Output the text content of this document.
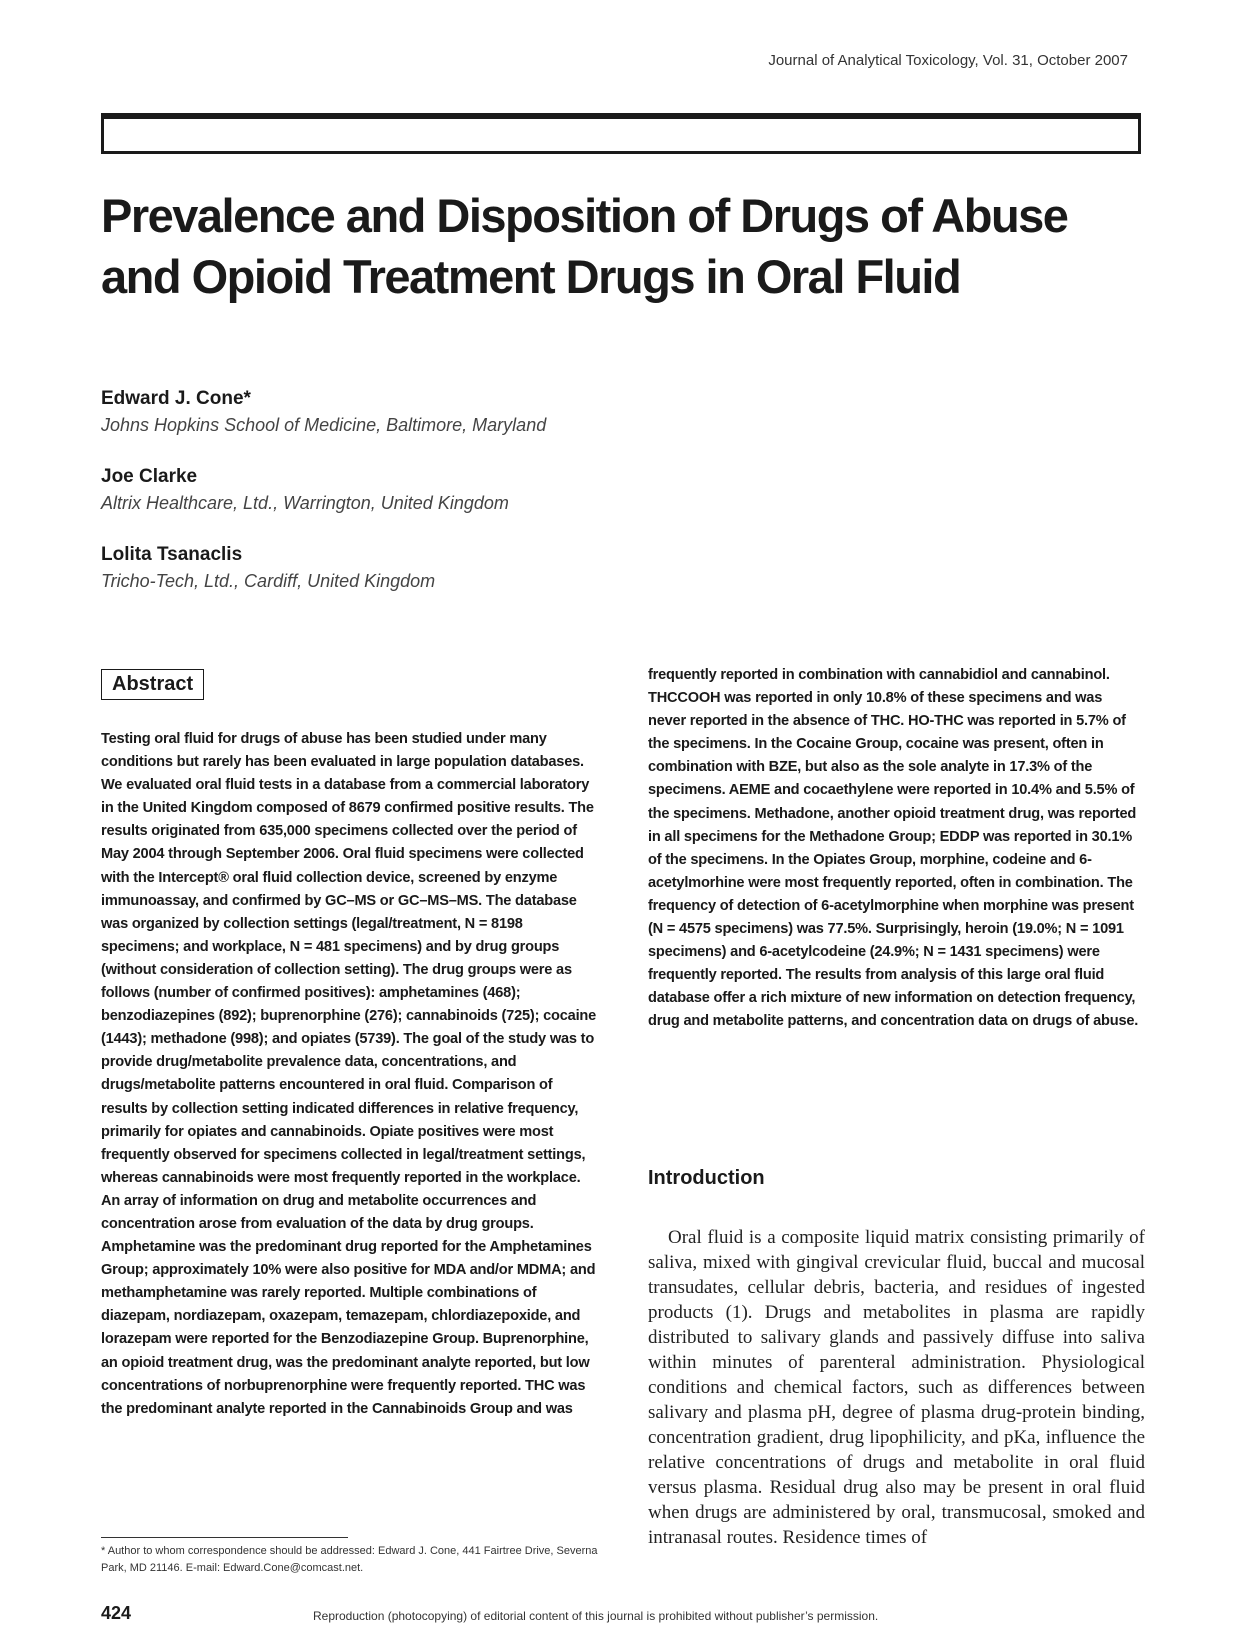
Journal of Analytical Toxicology, Vol. 31, October 2007
Prevalence and Disposition of Drugs of Abuse and Opioid Treatment Drugs in Oral Fluid
Edward J. Cone*
Johns Hopkins School of Medicine, Baltimore, Maryland
Joe Clarke
Altrix Healthcare, Ltd., Warrington, United Kingdom
Lolita Tsanaclis
Tricho-Tech, Ltd., Cardiff, United Kingdom
Abstract

Testing oral fluid for drugs of abuse has been studied under many conditions but rarely has been evaluated in large population databases. We evaluated oral fluid tests in a database from a commercial laboratory in the United Kingdom composed of 8679 confirmed positive results. The results originated from 635,000 specimens collected over the period of May 2004 through September 2006. Oral fluid specimens were collected with the Intercept® oral fluid collection device, screened by enzyme immunoassay, and confirmed by GC–MS or GC–MS–MS. The database was organized by collection settings (legal/treatment, N = 8198 specimens; and workplace, N = 481 specimens) and by drug groups (without consideration of collection setting). The drug groups were as follows (number of confirmed positives): amphetamines (468); benzodiazepines (892); buprenorphine (276); cannabinoids (725); cocaine (1443); methadone (998); and opiates (5739). The goal of the study was to provide drug/metabolite prevalence data, concentrations, and drugs/metabolite patterns encountered in oral fluid. Comparison of results by collection setting indicated differences in relative frequency, primarily for opiates and cannabinoids. Opiate positives were most frequently observed for specimens collected in legal/treatment settings, whereas cannabinoids were most frequently reported in the workplace. An array of information on drug and metabolite occurrences and concentration arose from evaluation of the data by drug groups. Amphetamine was the predominant drug reported for the Amphetamines Group; approximately 10% were also positive for MDA and/or MDMA; and methamphetamine was rarely reported. Multiple combinations of diazepam, nordiazepam, oxazepam, temazepam, chlordiazepoxide, and lorazepam were reported for the Benzodiazepine Group. Buprenorphine, an opioid treatment drug, was the predominant analyte reported, but low concentrations of norbuprenorphine were frequently reported. THC was the predominant analyte reported in the Cannabinoids Group and was

frequently reported in combination with cannabidiol and cannabinol. THCCOOH was reported in only 10.8% of these specimens and was never reported in the absence of THC. HO-THC was reported in 5.7% of the specimens. In the Cocaine Group, cocaine was present, often in combination with BZE, but also as the sole analyte in 17.3% of the specimens. AEME and cocaethylene were reported in 10.4% and 5.5% of the specimens. Methadone, another opioid treatment drug, was reported in all specimens for the Methadone Group; EDDP was reported in 30.1% of the specimens. In the Opiates Group, morphine, codeine and 6-acetylmorhine were most frequently reported, often in combination. The frequency of detection of 6-acetylmorphine when morphine was present (N = 4575 specimens) was 77.5%. Surprisingly, heroin (19.0%; N = 1091 specimens) and 6-acetylcodeine (24.9%; N = 1431 specimens) were frequently reported. The results from analysis of this large oral fluid database offer a rich mixture of new information on detection frequency, drug and metabolite patterns, and concentration data on drugs of abuse.

Introduction

Oral fluid is a composite liquid matrix consisting primarily of saliva, mixed with gingival crevicular fluid, buccal and mucosal transudates, cellular debris, bacteria, and residues of ingested products (1). Drugs and metabolites in plasma are rapidly distributed to salivary glands and passively diffuse into saliva within minutes of parenteral administration. Physiological conditions and chemical factors, such as differences between salivary and plasma pH, degree of plasma drug-protein binding, concentration gradient, drug lipophilicity, and pKa, influence the relative concentrations of drugs and metabolite in oral fluid versus plasma. Residual drug also may be present in oral fluid when drugs are administered by oral, transmucosal, smoked and intranasal routes. Residence times of

* Author to whom correspondence should be addressed: Edward J. Cone, 441 Fairtree Drive, Severna Park, MD 21146. E-mail: Edward.Cone@comcast.net.

424	Reproduction (photocopying) of editorial content of this journal is prohibited without publisher’s permission.
